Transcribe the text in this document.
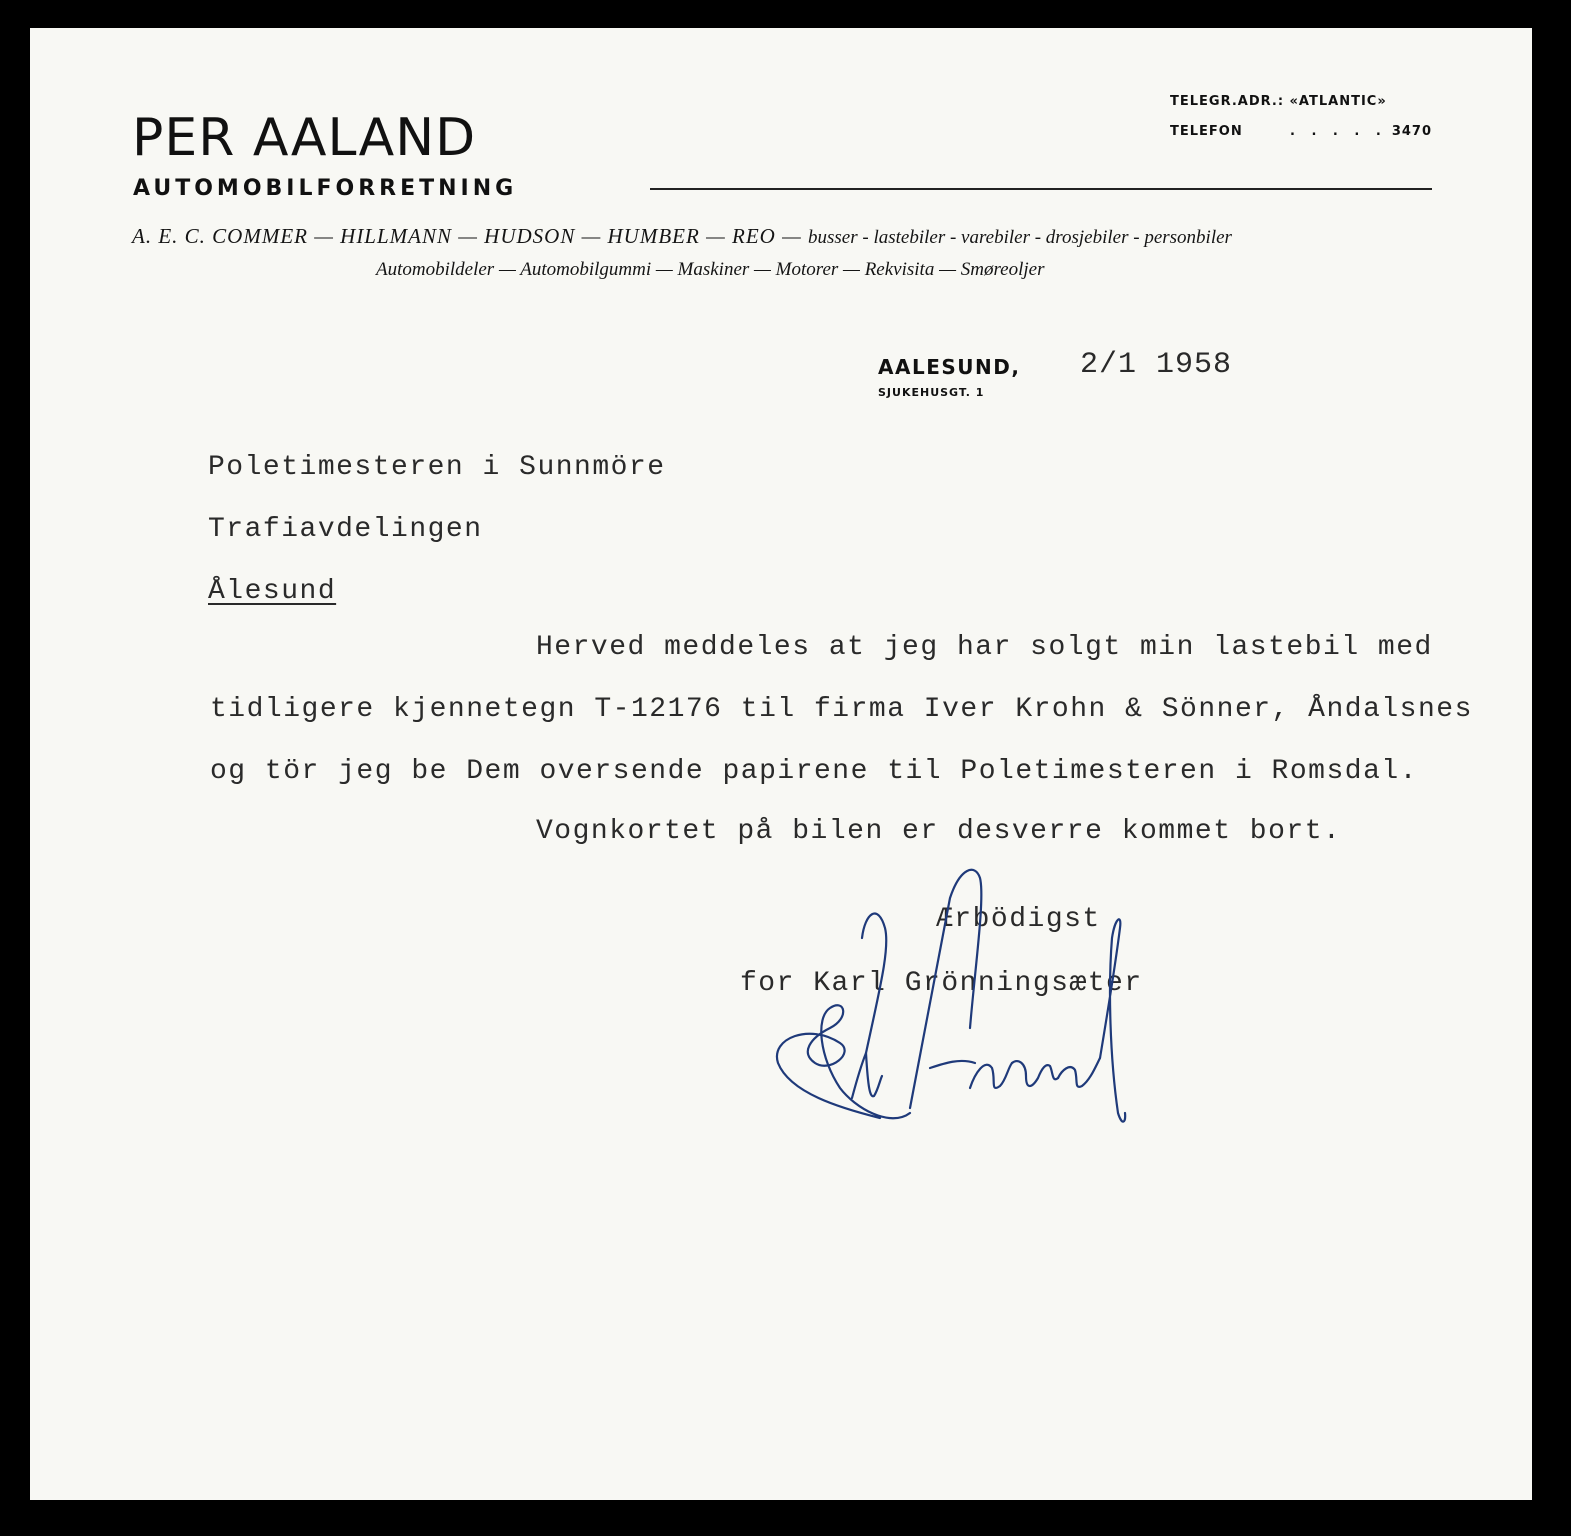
PER AALAND
AUTOMOBILFORRETNING
TELEGR.ADR.: «ATLANTIC»
TELEFON	. . . . . 3470
A. E. C. COMMER — HILLMANN — HUDSON — HUMBER — REO — busser - lastebiler - varebiler - drosjebiler - personbiler
Automobildeler — Automobilgummi — Maskiner — Motorer — Rekvisita — Smøreoljer
AALESUND,
SJUKEHUSGT. 1
2/1 1958
Poletimesteren i Sunnmöre
Trafiavdelingen
Ålesund
Herved meddeles at jeg har solgt min lastebil med
tidligere kjennetegn T-12176 til firma Iver Krohn & Sönner, Åndalsnes
og tör jeg be Dem oversende papirene til Poletimesteren i Romsdal.
Vognkortet på bilen er desverre kommet bort.
Ærbödigst
for Karl Grönningsæter
